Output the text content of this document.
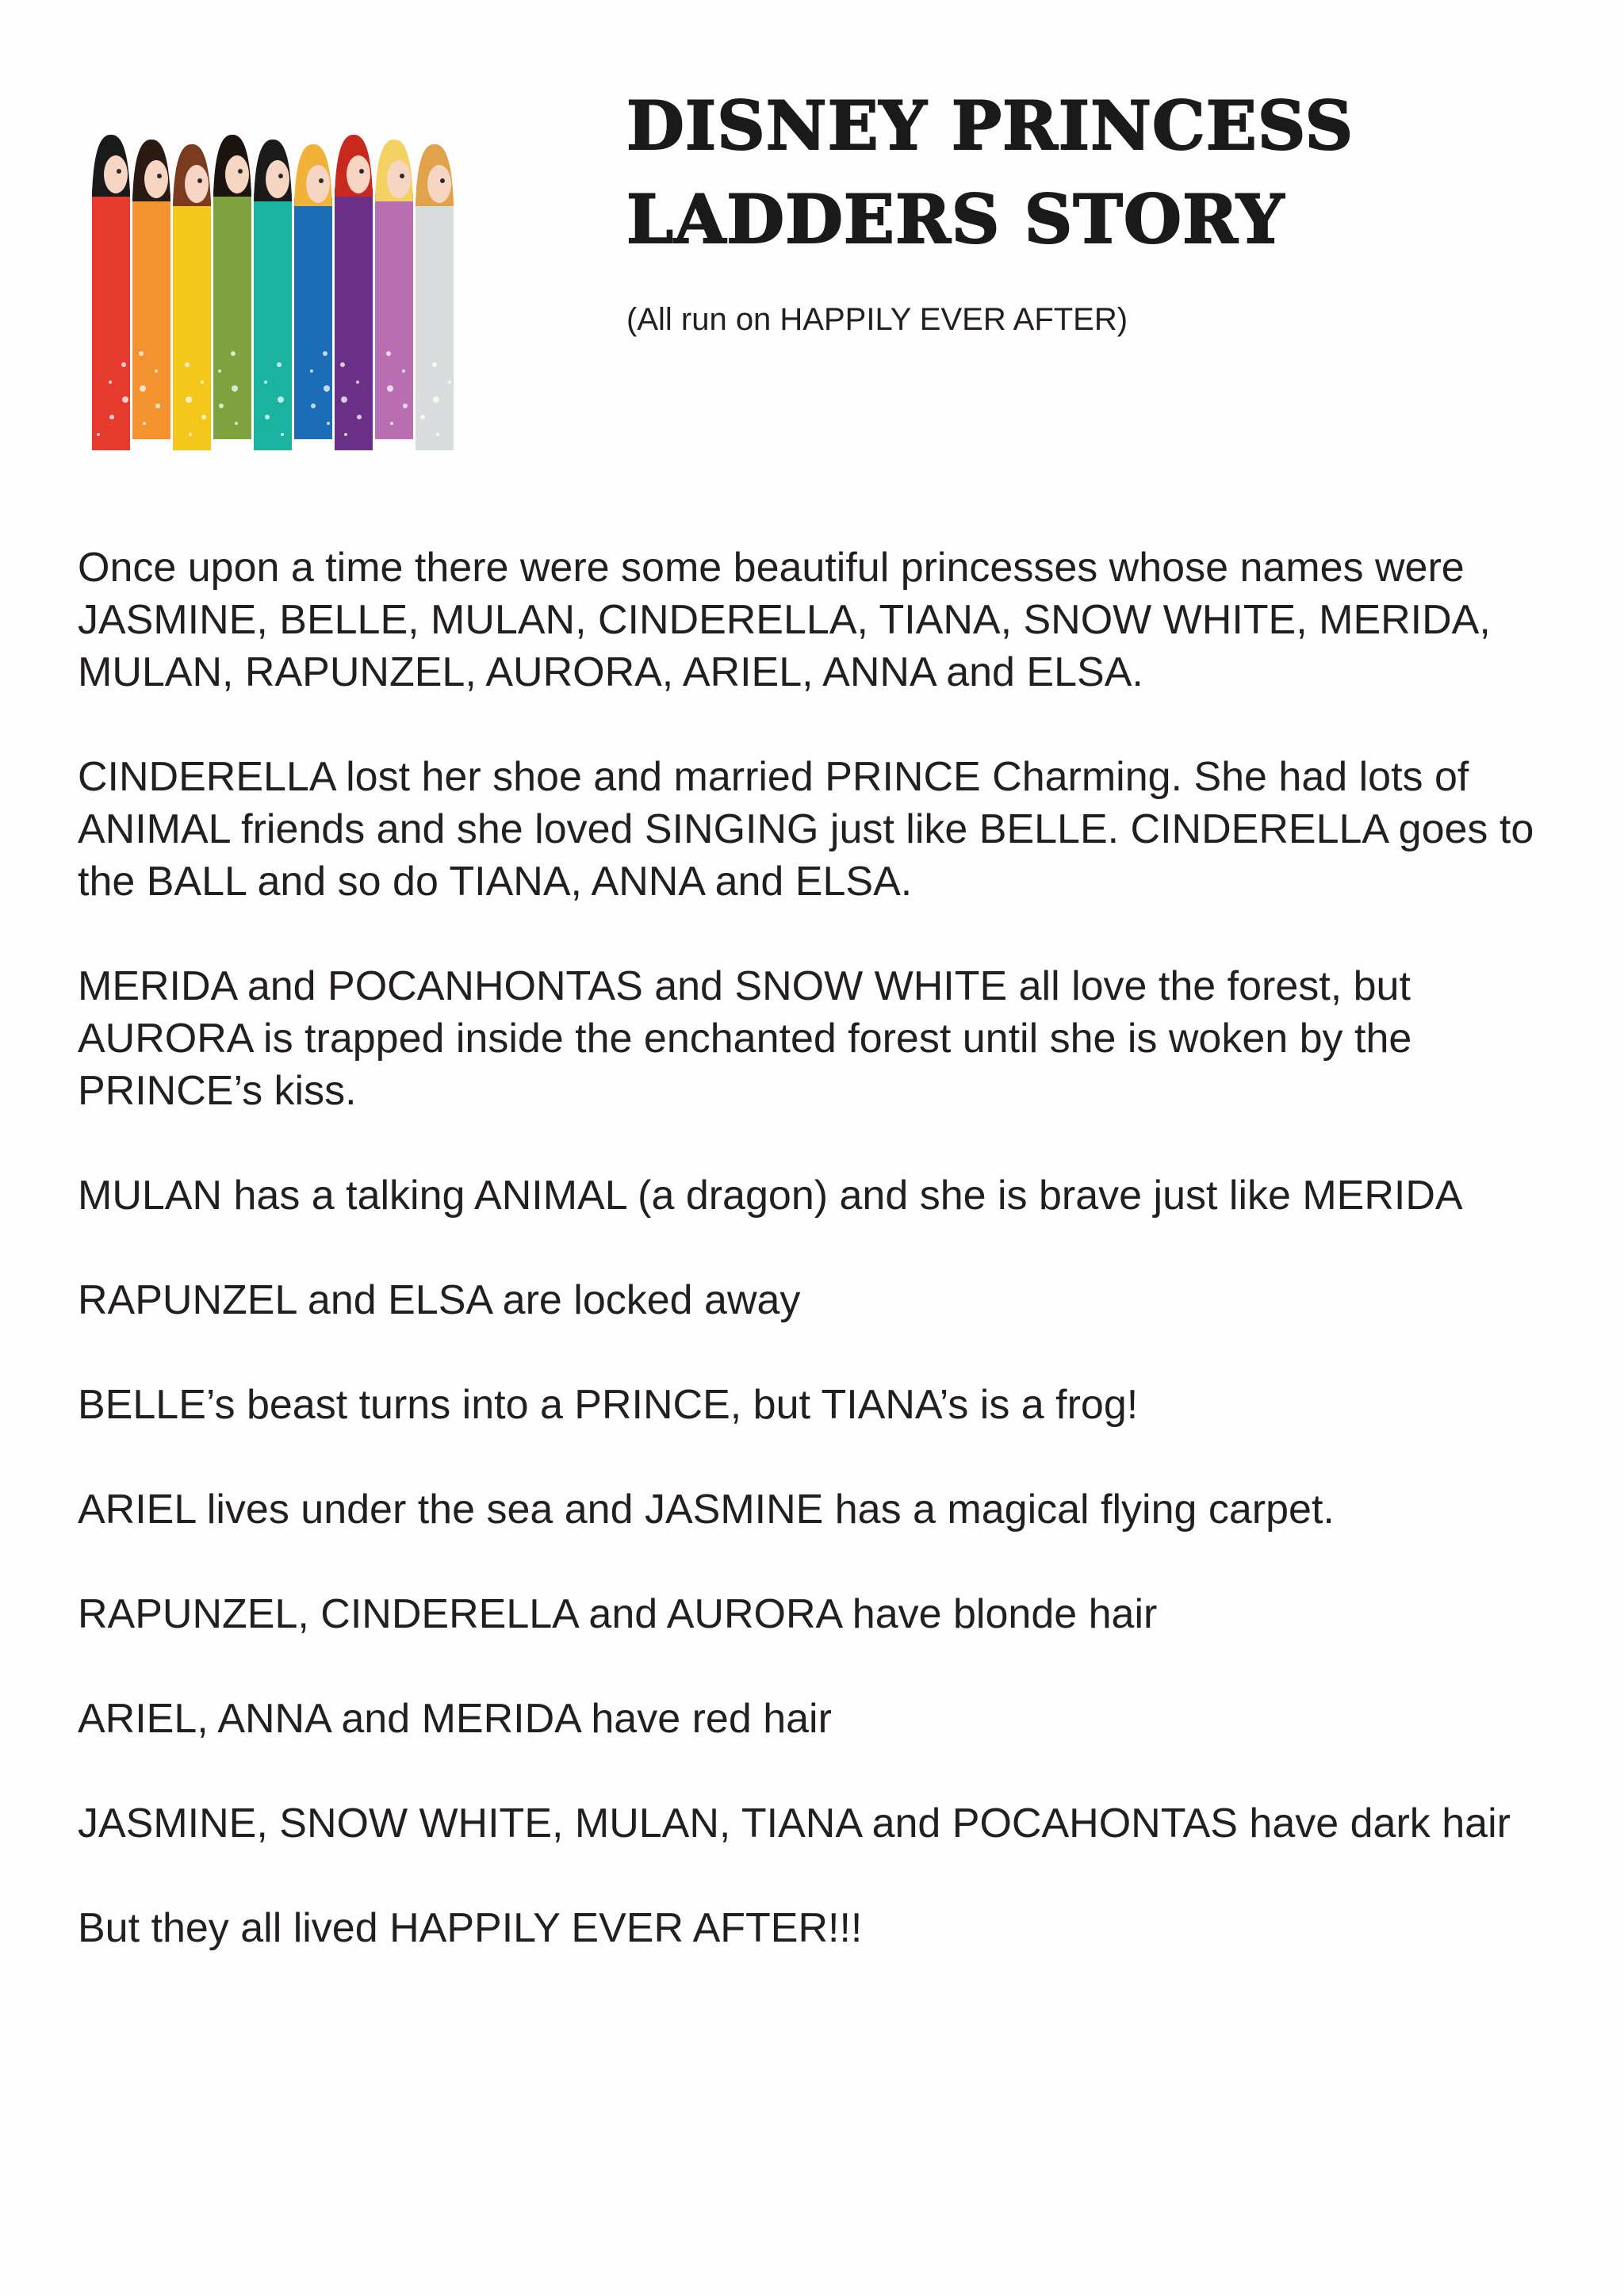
DISNEY PRINCESS
LADDERS STORY

(All run on HAPPILY EVER AFTER)

Once upon a time there were some beautiful princesses whose names were JASMINE, BELLE, MULAN, CINDERELLA, TIANA, SNOW WHITE, MERIDA, MULAN, RAPUNZEL, AURORA, ARIEL, ANNA and ELSA.

CINDERELLA lost her shoe and married PRINCE Charming. She had lots of ANIMAL friends and she loved SINGING just like BELLE. CINDERELLA goes to the BALL and so do TIANA, ANNA and ELSA.

MERIDA and POCANHONTAS and SNOW WHITE all love the forest, but AURORA is trapped inside the enchanted forest until she is woken by the PRINCE’s kiss.

MULAN has a talking ANIMAL (a dragon) and she is brave just like MERIDA

RAPUNZEL and ELSA are locked away

BELLE’s beast turns into a PRINCE, but TIANA’s is a frog!

ARIEL lives under the sea and JASMINE has a magical flying carpet.

RAPUNZEL, CINDERELLA and AURORA have blonde hair

ARIEL, ANNA and MERIDA have red hair

JASMINE, SNOW WHITE, MULAN, TIANA and POCAHONTAS have dark hair

But they all lived HAPPILY EVER AFTER!!!
